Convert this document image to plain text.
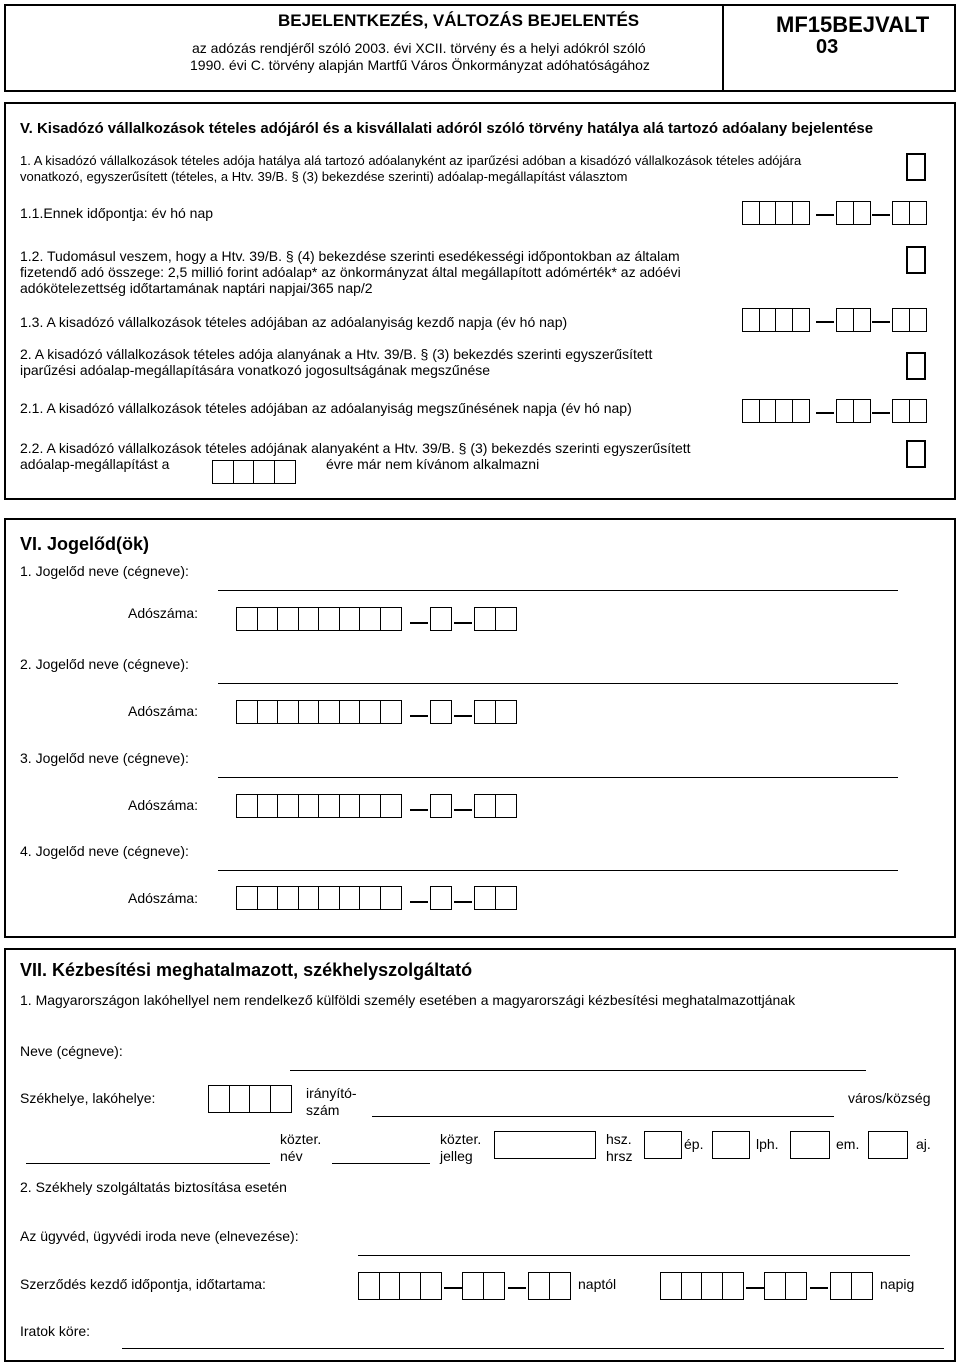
BEJELENTKEZÉS, VÁLTOZÁS BEJELENTÉS
az adózás rendjéről szóló 2003. évi XCII. törvény és a helyi adókról szóló
1990. évi C. törvény alapján Martfű Város Önkormányzat adóhatóságához
MF15BEJVALT
03
V. Kisadózó vállalkozások tételes adójáról és a kisvállalati adóról szóló törvény hatálya alá tartozó adóalany bejelentése
1. A kisadózó vállalkozások tételes adója hatálya alá tartozó adóalanyként az iparűzési adóban a kisadózó vállalkozások tételes adójára
vonatkozó, egyszerűsített (tételes, a Htv. 39/B. § (3) bekezdése szerinti) adóalap-megállapítást választom
1.1.Ennek időpontja: év hó nap
1.2. Tudomásul veszem, hogy a Htv. 39/B. § (4) bekezdése szerinti esedékességi időpontokban az általam
fizetendő adó összege: 2,5 millió forint adóalap* az önkormányzat által megállapított adómérték* az adóévi
adókötelezettség időtartamának naptári napjai/365 nap/2
1.3. A kisadózó vállalkozások tételes adójában az adóalanyiság kezdő napja (év hó nap)
2. A kisadózó vállalkozások tételes adója alanyának a Htv. 39/B. § (3) bekezdés szerinti egyszerűsített
iparűzési adóalap-megállapítására vonatkozó jogosultságának megszűnése
2.1. A kisadózó vállalkozások tételes adójában az adóalanyiság megszűnésének napja (év hó nap)
2.2. A kisadózó vállalkozások tételes adójának alanyaként a Htv. 39/B. § (3) bekezdés szerinti egyszerűsített
adóalap-megállapítást a	évre már nem kívánom alkalmazni
VI. Jogelőd(ök)
1. Jogelőd neve (cégneve):
Adószáma:
2. Jogelőd neve (cégneve):
Adószáma:
3. Jogelőd neve (cégneve):
Adószáma:
4. Jogelőd neve (cégneve):
Adószáma:
VII. Kézbesítési meghatalmazott, székhelyszolgáltató
1. Magyarországon lakóhellyel nem rendelkező külföldi személy esetében a magyarországi kézbesítési meghatalmazottjának
Neve (cégneve):
Székhelye, lakóhelye:	irányító-
szám
város/község
közter.
név
közter.
jelleg
hsz.
hrsz
ép.	lph.	em.	aj.
2. Székhely szolgáltatás biztosítása esetén
Az ügyvéd, ügyvédi iroda neve (elnevezése):
Szerződés kezdő időpontja, időtartama:	naptól	napig
Iratok köre:
